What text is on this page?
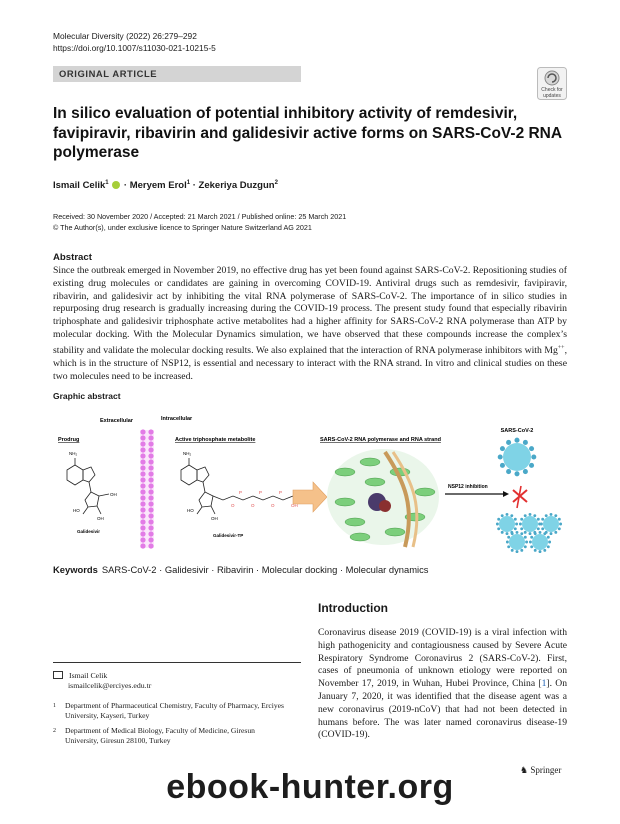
Molecular Diversity (2022) 26:279–292
https://doi.org/10.1007/s11030-021-10215-5
ORIGINAL ARTICLE
Check for
updates
In silico evaluation of potential inhibitory activity of remdesivir, favipiravir, ribavirin and galidesivir active forms on SARS-CoV-2 RNA polymerase
Ismail Celik$^1$  · Meryem Erol$^1$ · Zekeriya Duzgun$^2$
Received: 30 November 2020 / Accepted: 21 March 2021 / Published online: 25 March 2021
© The Author(s), under exclusive licence to Springer Nature Switzerland AG 2021
Abstract
Since the outbreak emerged in November 2019, no effective drug has yet been found against SARS-CoV-2. Repositioning studies of existing drug molecules or candidates are gaining in overcoming COVID-19. Antiviral drugs such as remdesivir, favipiravir, ribavirin, and galidesivir act by inhibiting the vital RNA polymerase of SARS-CoV-2. The importance of in silico studies in repurposing drug research is gradually increasing during the COVID-19 process. The present study found that especially ribavirin triphosphate and galidesivir triphosphate active metabolites had a higher affinity for SARS-CoV-2 RNA polymerase than ATP by molecular docking. With the Molecular Dynamics simulation, we have observed that these compounds increase the complex’s stability and validate the molecular docking results. We also explained that the interaction of RNA polymerase inhibitors with Mg++, which is in the structure of NSP12, is essential and necessary to interact with the RNA strand. In vitro and clinical studies on these two molecules need to be increased.
Graphic abstract
Extracellular	Intracellular
Prodrug	Active triphosphate metabolite	SARS-CoV-2 RNA polymerase and RNA strand
SARS-CoV-2
NH₂
HO
OH
OH
Galidesivir
P	P	P
O	O	O	OH
NH₂
HO
OH
Galidesivir-TP
NSP12 inhibition
Keywords SARS-CoV-2 · Galidesivir · Ribavirin · Molecular docking · Molecular dynamics
Introduction
Coronavirus disease 2019 (COVID-19) is a viral infection with high pathogenicity and contagiousness caused by Severe Acute Respiratory Syndrome Coronavirus 2 (SARS-CoV-2). First, cases of pneumonia of unknown etiology were reported on November 17, 2019, in Wuhan, Hubei Province, China [1]. On January 7, 2020, it was identified that the disease agent was a new coronavirus (2019-nCoV) that had not been detected in humans before. The was later named coronavirus disease-19 (COVID-19).
Ismail Celik
ismailcelik@erciyes.edu.tr
1 Department of Pharmaceutical Chemistry, Faculty of Pharmacy, Erciyes University, Kayseri, Turkey
2 Department of Medical Biology, Faculty of Medicine, Giresun University, Giresun 28100, Turkey
♞ Springer
ebook-hunter.org
